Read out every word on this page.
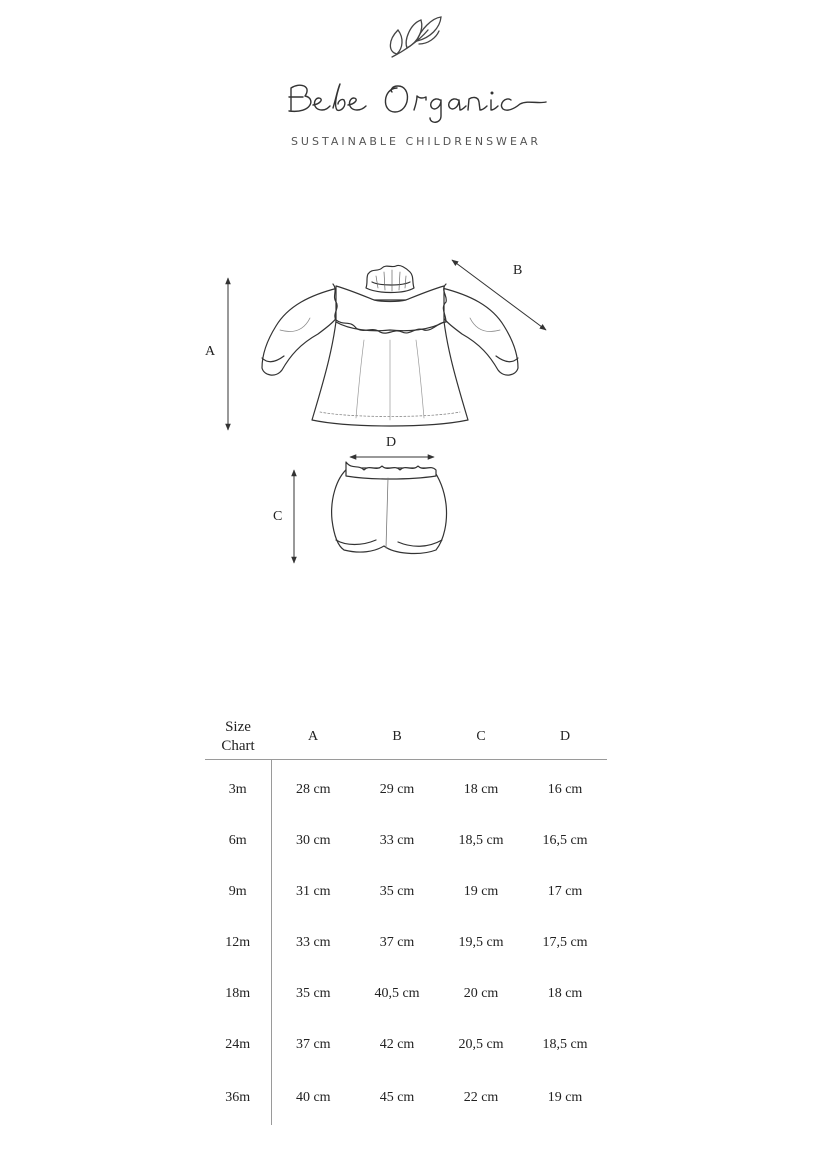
SUSTAINABLE CHILDRENSWEAR
A
B
C
D
Size
Chart	A	B	C	D
3m	28 cm	29 cm	18 cm	16 cm
6m	30 cm	33 cm	18,5 cm	16,5 cm
9m	31 cm	35 cm	19 cm	17 cm
12m	33 cm	37 cm	19,5 cm	17,5 cm
18m	35 cm	40,5 cm	20 cm	18 cm
24m	37 cm	42 cm	20,5 cm	18,5 cm
36m	40 cm	45 cm	22 cm	19 cm
